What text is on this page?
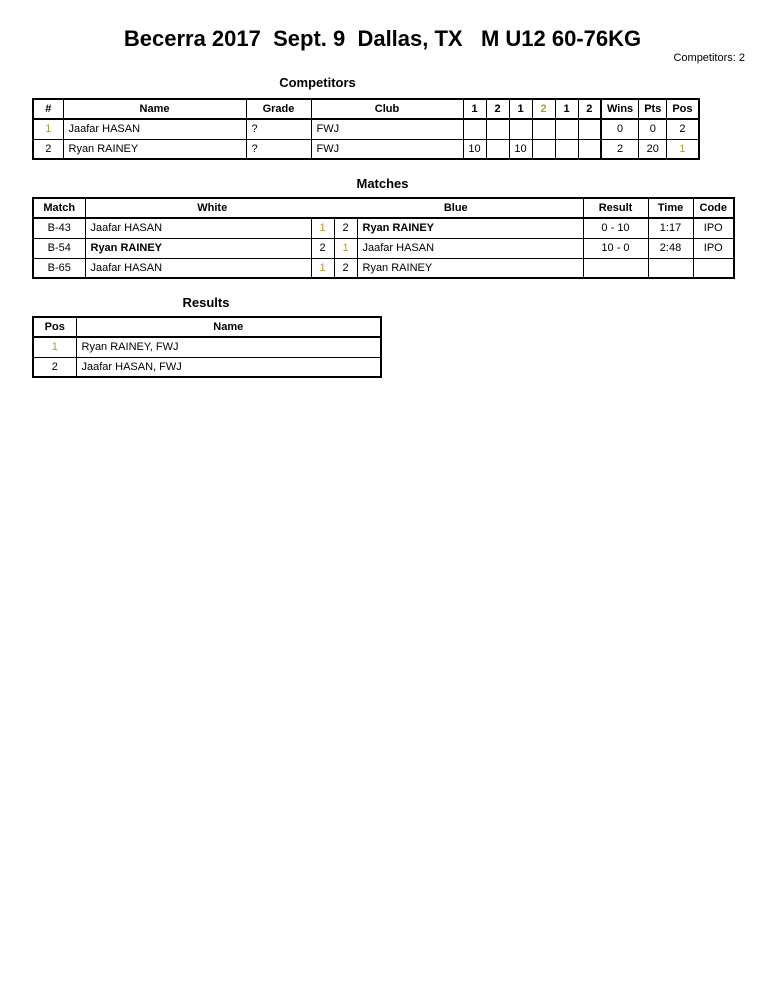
Becerra 2017  Sept. 9  Dallas, TX   M U12 60-76KG
Competitors: 2
Competitors
#	Name	Grade	Club	1	2	1	2	1	2	Wins	Pts	Pos
1	Jaafar HASAN	?	FWJ							0	0	2
2	Ryan RAINEY	?	FWJ	10		10				2	20	1
Matches
Match	White Blue				Result	Time	Code
B-43	Jaafar HASAN	1	2	Ryan RAINEY	0 - 10	1:17	IPO
B-54	Ryan RAINEY	2	1	Jaafar HASAN	10 - 0	2:48	IPO
B-65	Jaafar HASAN	1	2	Ryan RAINEY			
Results
Pos	Name
1	Ryan RAINEY, FWJ
2	Jaafar HASAN, FWJ
